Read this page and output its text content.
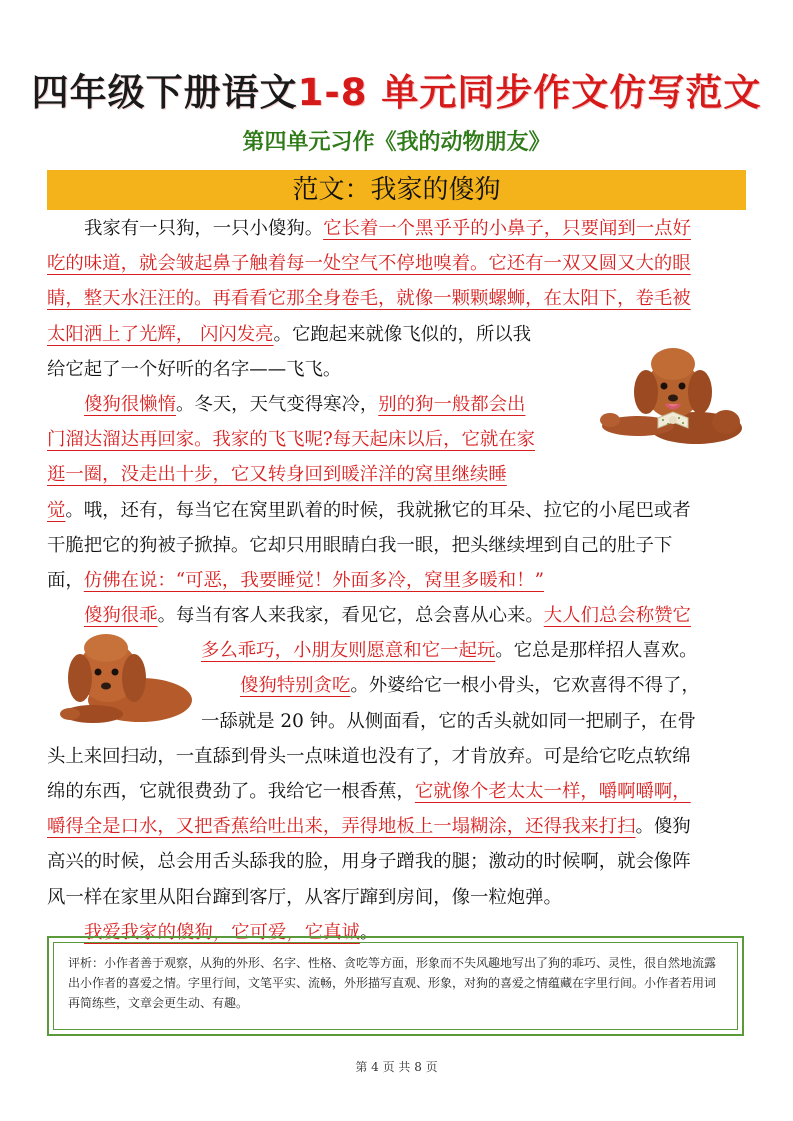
四年级下册语文1-8 单元同步作文仿写范文
第四单元习作《我的动物朋友》
范文：我家的傻狗
我家有一只狗，一只小傻狗。它长着一个黑乎乎的小鼻子，只要闻到一点好
吃的味道，就会皱起鼻子触着每一处空气不停地嗅着。它还有一双又圆又大的眼
睛，整天水汪汪的。再看看它那全身卷毛，就像一颗颗螺蛳，在太阳下，卷毛被
太阳洒上了光辉， 闪闪发亮。它跑起来就像飞似的，所以我
给它起了一个好听的名字——飞飞。
傻狗很懒惰。冬天，天气变得寒冷，别的狗一般都会出
门溜达溜达再回家。我家的飞飞呢?每天起床以后，它就在家
逛一圈，没走出十步，它又转身回到暖洋洋的窝里继续睡
觉。哦，还有，每当它在窝里趴着的时候，我就揪它的耳朵、拉它的小尾巴或者
干脆把它的狗被子掀掉。它却只用眼睛白我一眼，把头继续埋到自己的肚子下
面，仿佛在说：“可恶，我要睡觉！外面多冷，窝里多暖和！”
傻狗很乖。每当有客人来我家，看见它，总会喜从心来。大人们总会称赞它
多么乖巧，小朋友则愿意和它一起玩。它总是那样招人喜欢。
傻狗特别贪吃。外婆给它一根小骨头，它欢喜得不得了，
一舔就是 20 钟。从侧面看，它的舌头就如同一把刷子，在骨
头上来回扫动，一直舔到骨头一点味道也没有了，才肯放弃。可是给它吃点软绵
绵的东西，它就很费劲了。我给它一根香蕉，它就像个老太太一样，嚼啊嚼啊，
嚼得全是口水，又把香蕉给吐出来，弄得地板上一塌糊涂，还得我来打扫。傻狗
高兴的时候，总会用舌头舔我的脸，用身子蹭我的腿；激动的时候啊，就会像阵
风一样在家里从阳台蹿到客厅，从客厅蹿到房间，像一粒炮弹。
我爱我家的傻狗，它可爱，它真诚。
评析：小作者善于观察，从狗的外形、名字、性格、贪吃等方面，形象而不失风趣地写出了狗的乖巧、灵性，很自然地流露出小作者的喜爱之情。字里行间，文笔平实、流畅，外形描写直观、形象，对狗的喜爱之情蕴藏在字里行间。小作者若用词再简练些，文章会更生动、有趣。
第 4 页 共 8 页
